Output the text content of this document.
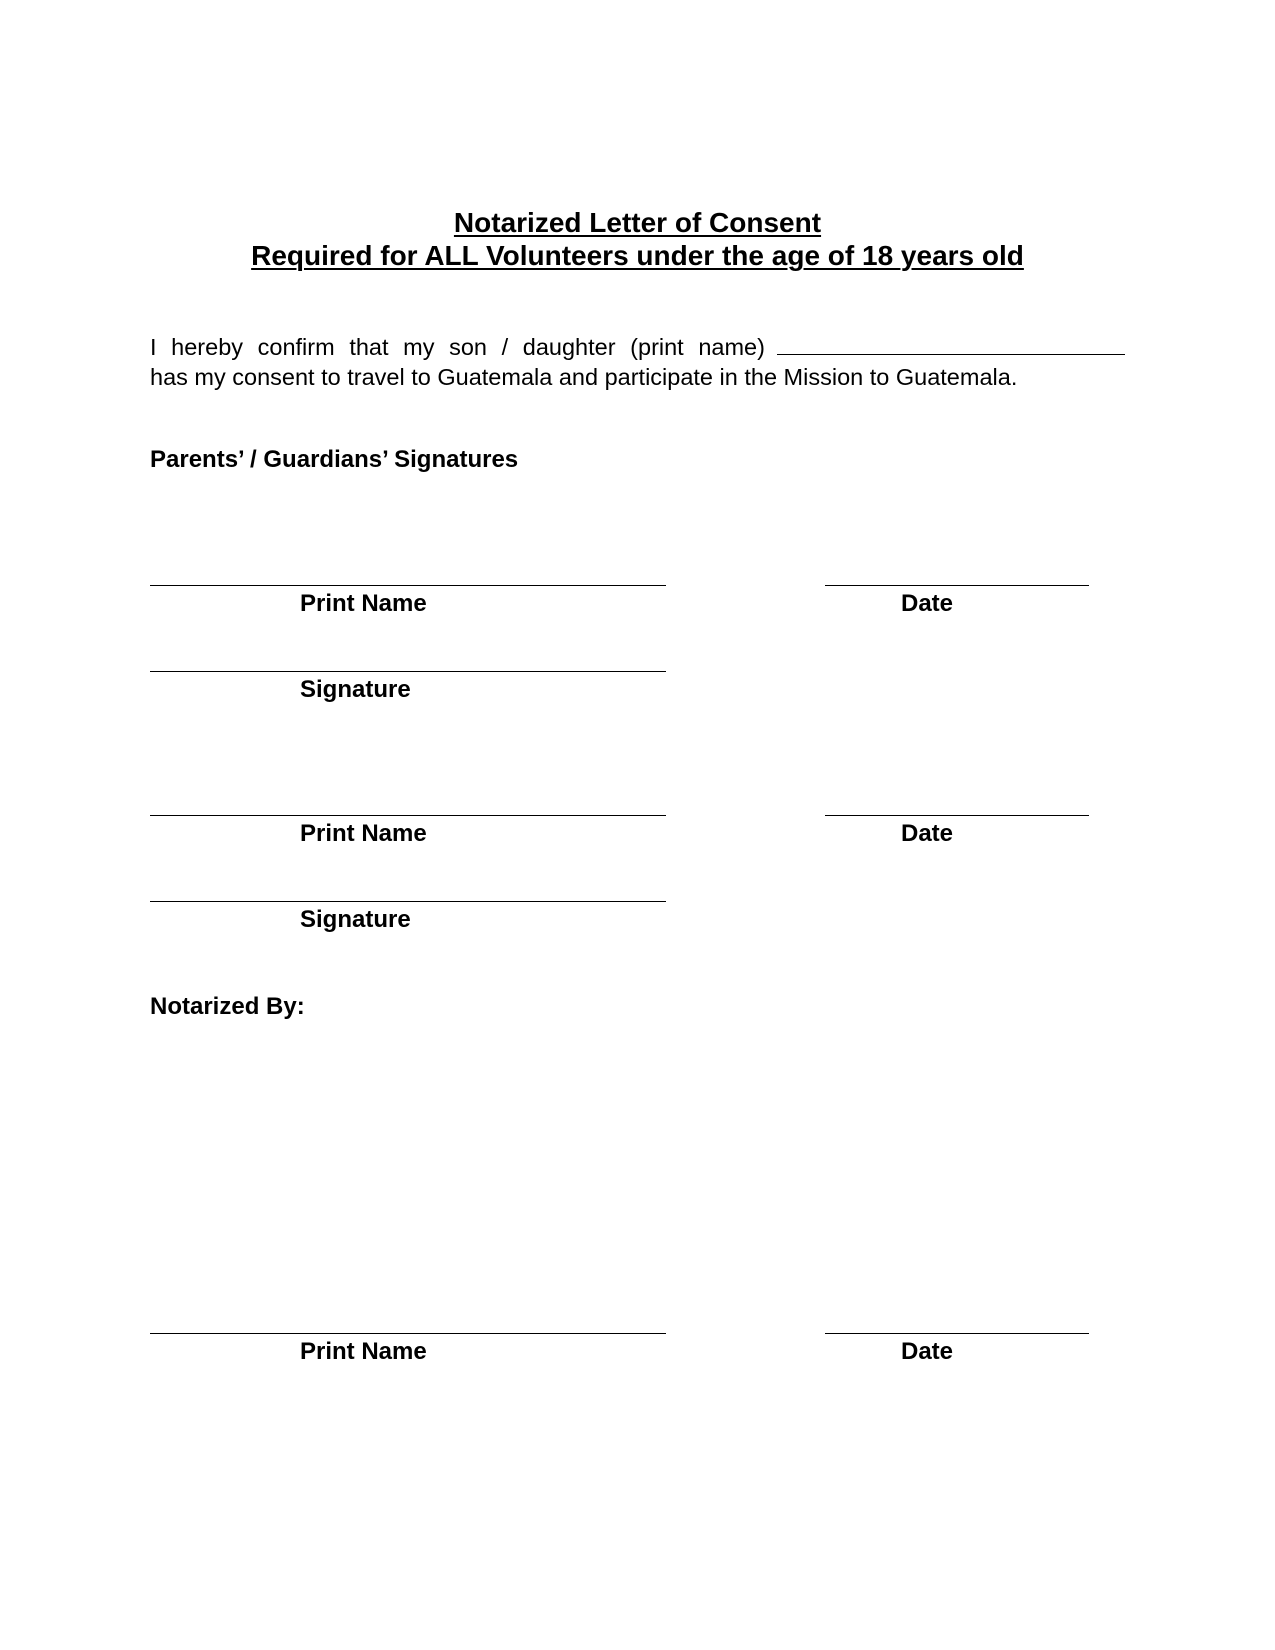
Notarized Letter of Consent
Required for ALL Volunteers under the age of 18 years old
I hereby confirm that my son / daughter (print name)
has my consent to travel to Guatemala and participate in the Mission to Guatemala.
Parents’ / Guardians’ Signatures
Print Name	Date
Signature
Print Name	Date
Signature
Notarized By:
Print Name	Date
